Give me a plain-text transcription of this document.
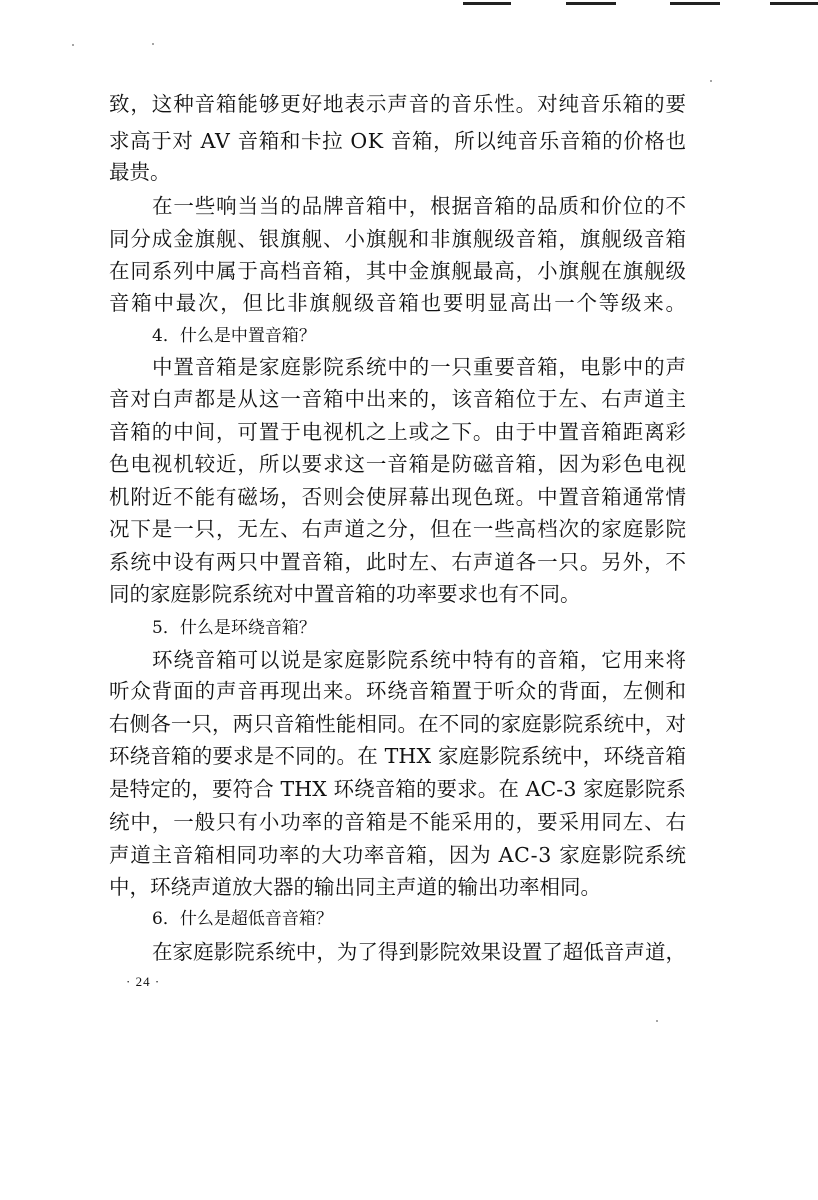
致，这种音箱能够更好地表示声音的音乐性。对纯音乐箱的要
求高于对 AV 音箱和卡拉 OK 音箱，所以纯音乐音箱的价格也
最贵。
在一些响当当的品牌音箱中，根据音箱的品质和价位的不
同分成金旗舰、银旗舰、小旗舰和非旗舰级音箱，旗舰级音箱
在同系列中属于高档音箱，其中金旗舰最高，小旗舰在旗舰级
音箱中最次，但比非旗舰级音箱也要明显高出一个等级来。
4．什么是中置音箱？
中置音箱是家庭影院系统中的一只重要音箱，电影中的声
音对白声都是从这一音箱中出来的，该音箱位于左、右声道主
音箱的中间，可置于电视机之上或之下。由于中置音箱距离彩
色电视机较近，所以要求这一音箱是防磁音箱，因为彩色电视
机附近不能有磁场，否则会使屏幕出现色斑。中置音箱通常情
况下是一只，无左、右声道之分，但在一些高档次的家庭影院
系统中设有两只中置音箱，此时左、右声道各一只。另外，不
同的家庭影院系统对中置音箱的功率要求也有不同。
5．什么是环绕音箱？
环绕音箱可以说是家庭影院系统中特有的音箱，它用来将
听众背面的声音再现出来。环绕音箱置于听众的背面，左侧和
右侧各一只，两只音箱性能相同。在不同的家庭影院系统中，对
环绕音箱的要求是不同的。在 THX 家庭影院系统中，环绕音箱
是特定的，要符合 THX 环绕音箱的要求。在 AC-3 家庭影院系
统中，一般只有小功率的音箱是不能采用的，要采用同左、右
声道主音箱相同功率的大功率音箱，因为 AC-3 家庭影院系统
中，环绕声道放大器的输出同主声道的输出功率相同。
6．什么是超低音音箱？
在家庭影院系统中，为了得到影院效果设置了超低音声道，
· 24 ·
